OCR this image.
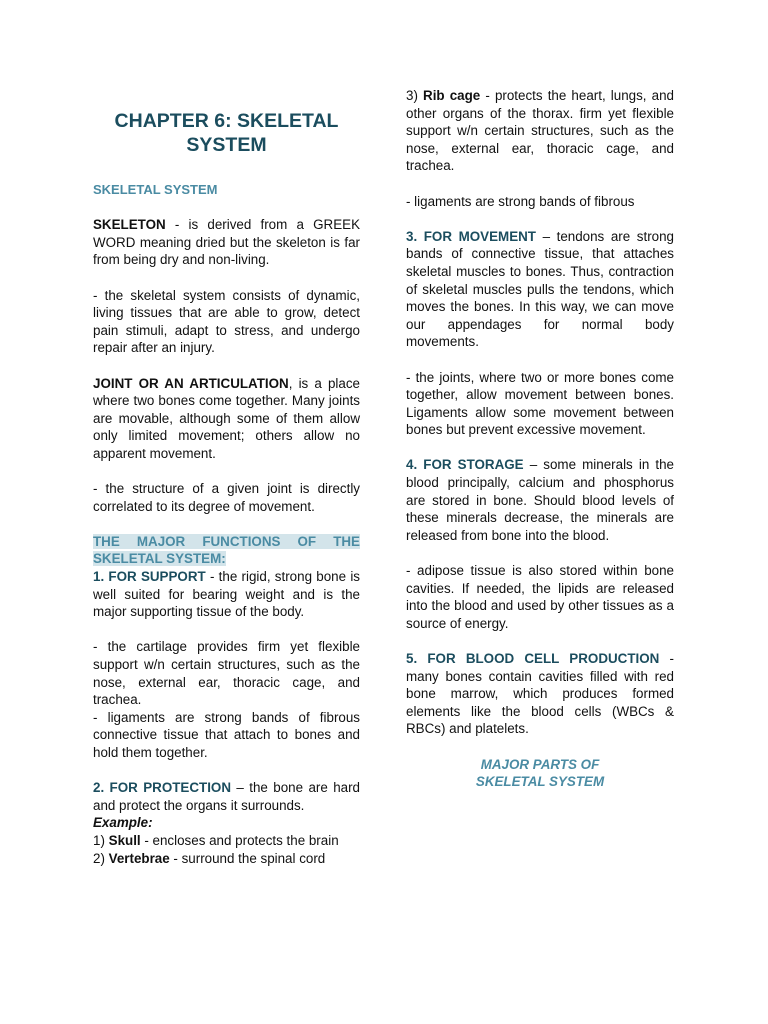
CHAPTER 6: SKELETAL
SYSTEM
SKELETAL SYSTEM

SKELETON - is derived from a GREEK WORD meaning dried but the skeleton is far from being dry and non-living.

- the skeletal system consists of dynamic, living tissues that are able to grow, detect pain stimuli, adapt to stress, and undergo repair after an injury.

JOINT OR AN ARTICULATION, is a place where two bones come together. Many joints are movable, although some of them allow only limited movement; others allow no apparent movement.

- the structure of a given joint is directly correlated to its degree of movement.

THE MAJOR FUNCTIONS OF THE SKELETAL SYSTEM:

1. FOR SUPPORT - the rigid, strong bone is well suited for bearing weight and is the major supporting tissue of the body.

- the cartilage provides firm yet flexible support w/n certain structures, such as the nose, external ear, thoracic cage, and trachea.

- ligaments are strong bands of fibrous connective tissue that attach to bones and hold them together.

2. FOR PROTECTION – the bone are hard and protect the organs it surrounds.

Example:

1) Skull - encloses and protects the brain

2) Vertebrae - surround the spinal cord

3) Rib cage - protects the heart, lungs, and other organs of the thorax. firm yet flexible support w/n certain structures, such as the nose, external ear, thoracic cage, and trachea.

- ligaments are strong bands of fibrous

3. FOR MOVEMENT – tendons are strong bands of connective tissue, that attaches skeletal muscles to bones. Thus, contraction of skeletal muscles pulls the tendons, which moves the bones. In this way, we can move our appendages for normal body movements.

- the joints, where two or more bones come together, allow movement between bones. Ligaments allow some movement between bones but prevent excessive movement.

4. FOR STORAGE – some minerals in the blood principally, calcium and phosphorus are stored in bone. Should blood levels of these minerals decrease, the minerals are released from bone into the blood.

- adipose tissue is also stored within bone cavities. If needed, the lipids are released into the blood and used by other tissues as a source of energy.

5. FOR BLOOD CELL PRODUCTION - many bones contain cavities filled with red bone marrow, which produces formed elements like the blood cells (WBCs & RBCs) and platelets.

MAJOR PARTS OF
SKELETAL SYSTEM
